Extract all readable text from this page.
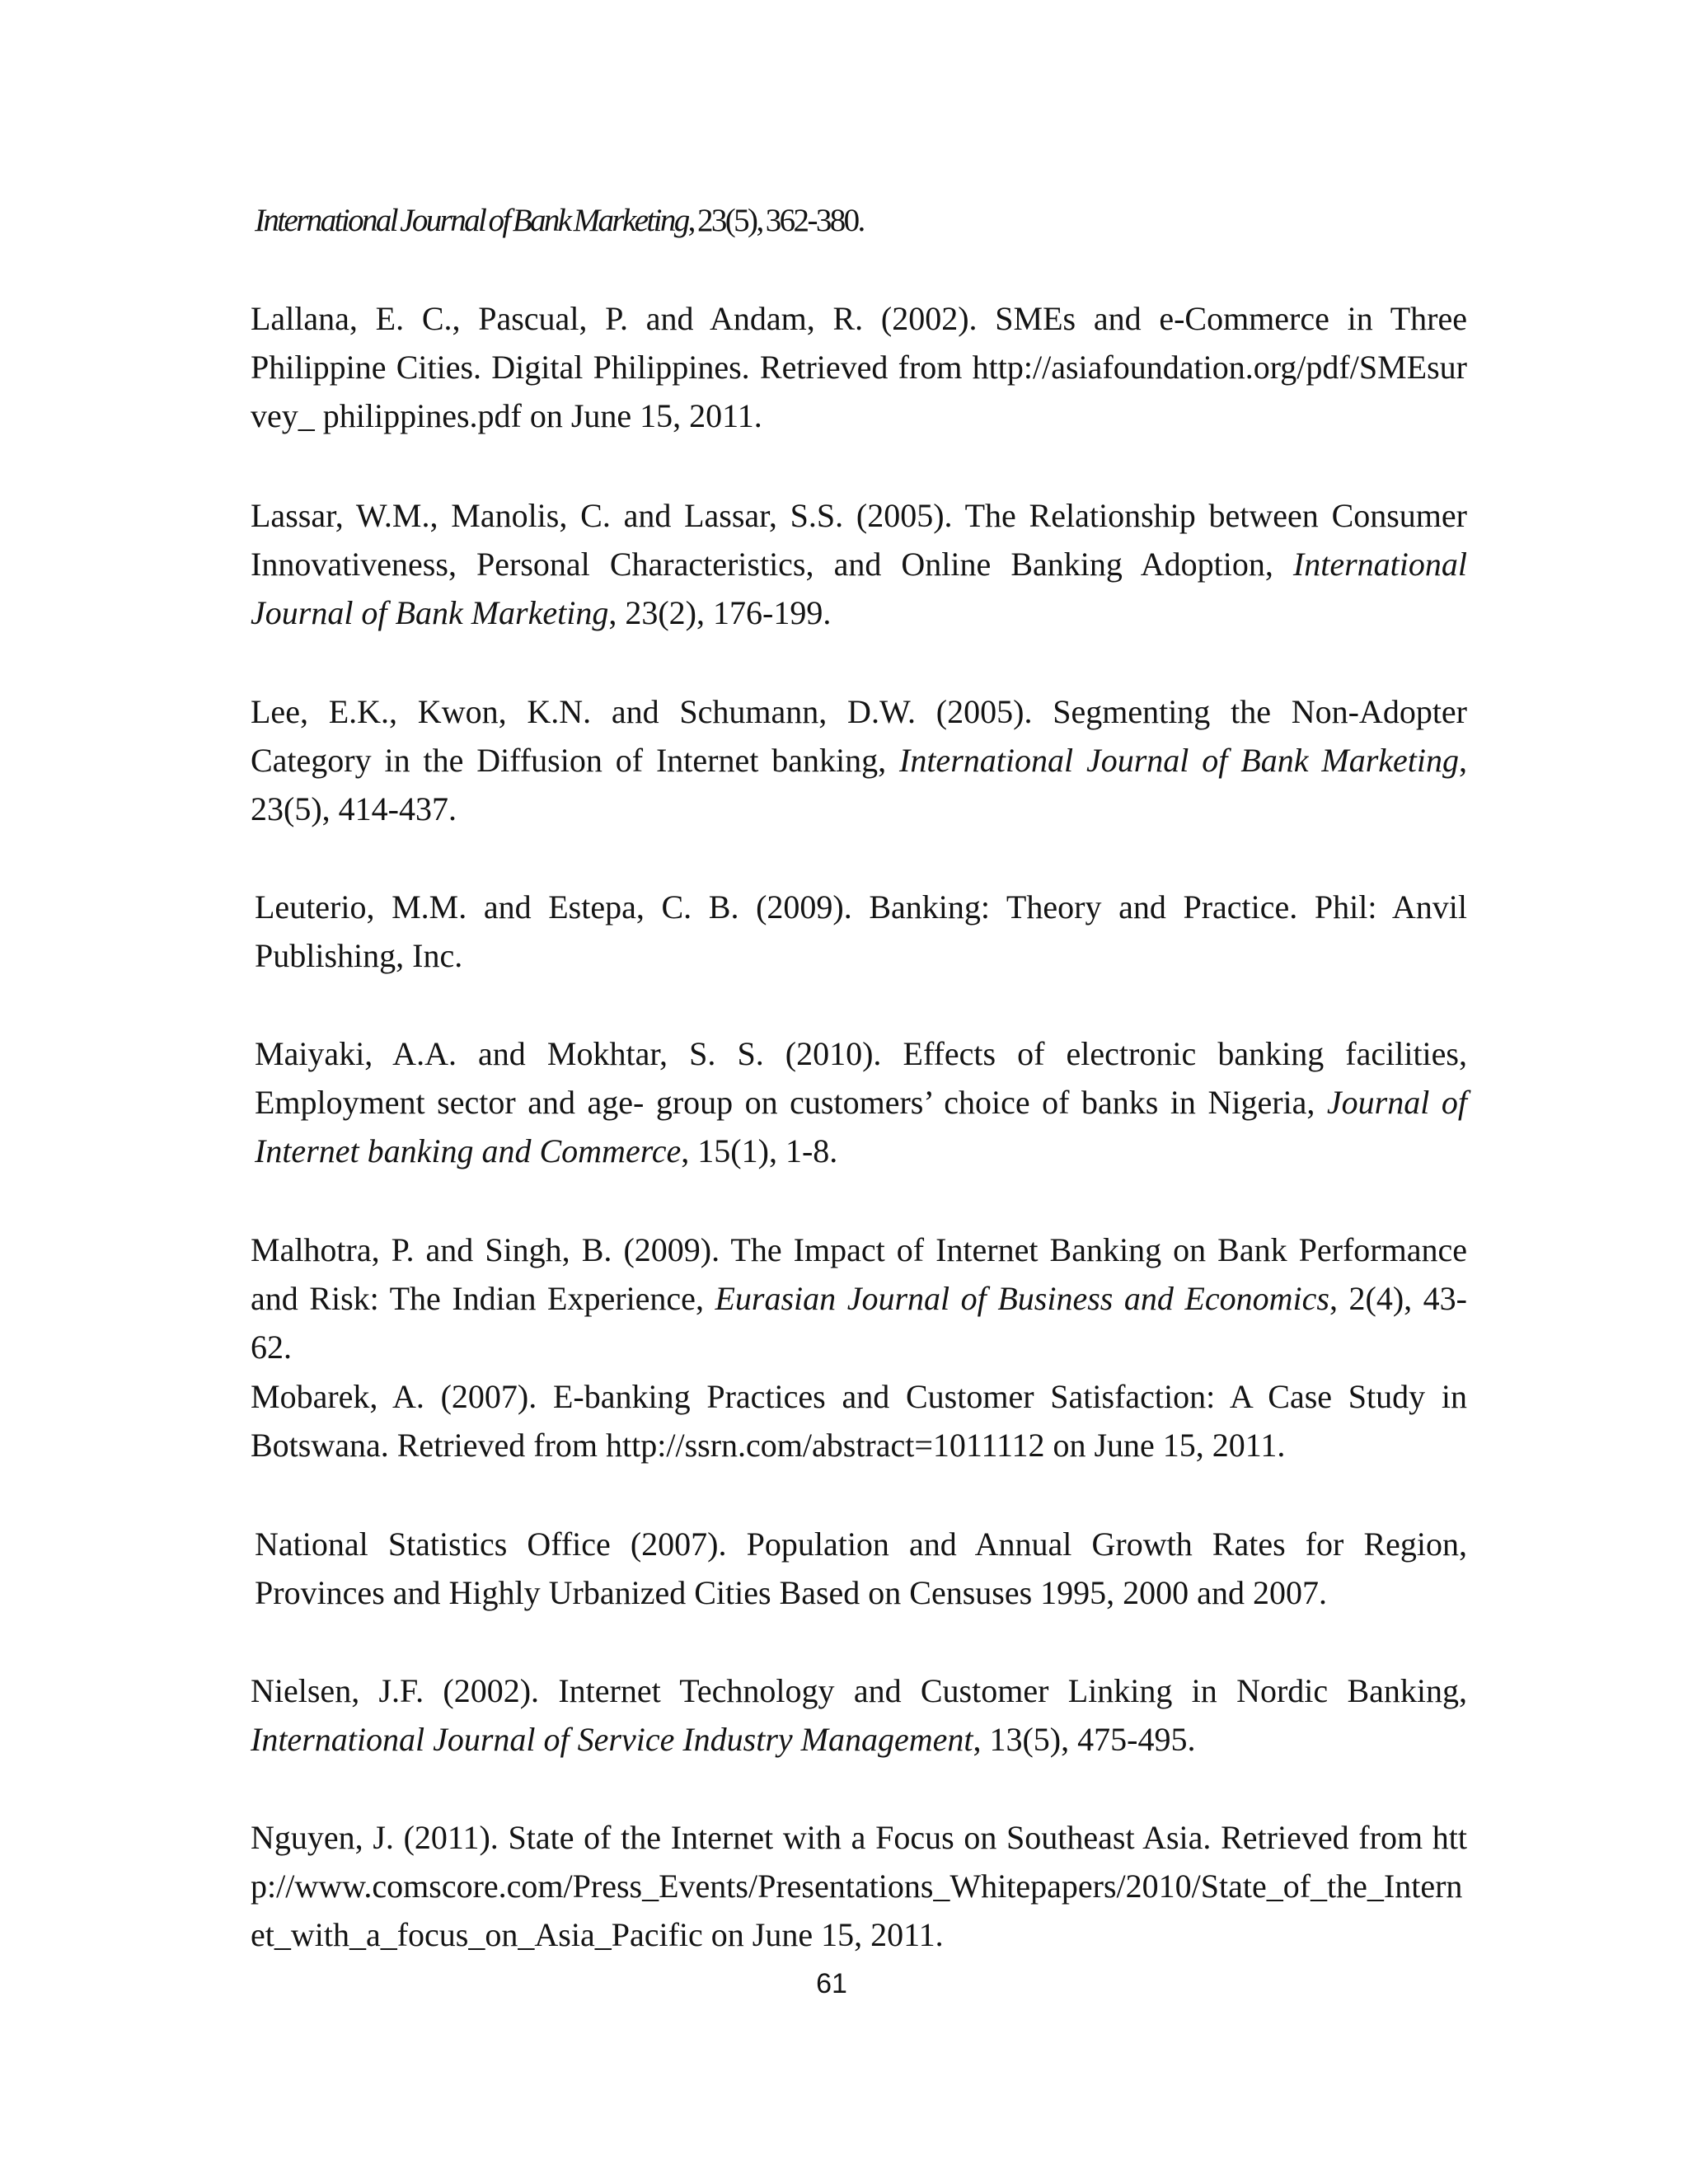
International Journal of Bank Marketing, 23(5), 362-380.

Lallana, E. C., Pascual, P. and Andam, R. (2002). SMEs and e-Commerce in Three Philippine Cities. Digital Philippines. Retrieved from http://asiafoundation.org/pdf/SMEsurvey_ philippines.pdf on June 15, 2011.

Lassar, W.M., Manolis, C. and Lassar, S.S. (2005). The Relationship between Consumer Innovativeness, Personal Characteristics, and Online Banking Adoption, International Journal of Bank Marketing, 23(2), 176-199.

Lee, E.K., Kwon, K.N. and Schumann, D.W. (2005). Segmenting the Non-Adopter Category in the Diffusion of Internet banking, International Journal of Bank Marketing, 23(5), 414-437.

Leuterio, M.M. and Estepa, C. B. (2009). Banking: Theory and Practice. Phil: Anvil Publishing, Inc.

Maiyaki, A.A. and Mokhtar, S. S. (2010). Effects of electronic banking facilities, Employment sector and age- group on customers’ choice of banks in Nigeria, Journal of Internet banking and Commerce, 15(1), 1-8.

Malhotra, P. and Singh, B. (2009). The Impact of Internet Banking on Bank Performance and Risk: The Indian Experience, Eurasian Journal of Business and Economics, 2(4), 43-62.

Mobarek, A. (2007). E-banking Practices and Customer Satisfaction: A Case Study in Botswana. Retrieved from http://ssrn.com/abstract=1011112 on June 15, 2011.

National Statistics Office (2007). Population and Annual Growth Rates for Region, Provinces and Highly Urbanized Cities Based on Censuses 1995, 2000 and 2007.

Nielsen, J.F. (2002). Internet Technology and Customer Linking in Nordic Banking, International Journal of Service Industry Management, 13(5), 475-495.

Nguyen, J. (2011). State of the Internet with a Focus on Southeast Asia. Retrieved from http://www.comscore.com/Press_Events/Presentations_Whitepapers/2010/State_of_the_Internet_with_a_focus_on_Asia_Pacific on June 15, 2011.

61
